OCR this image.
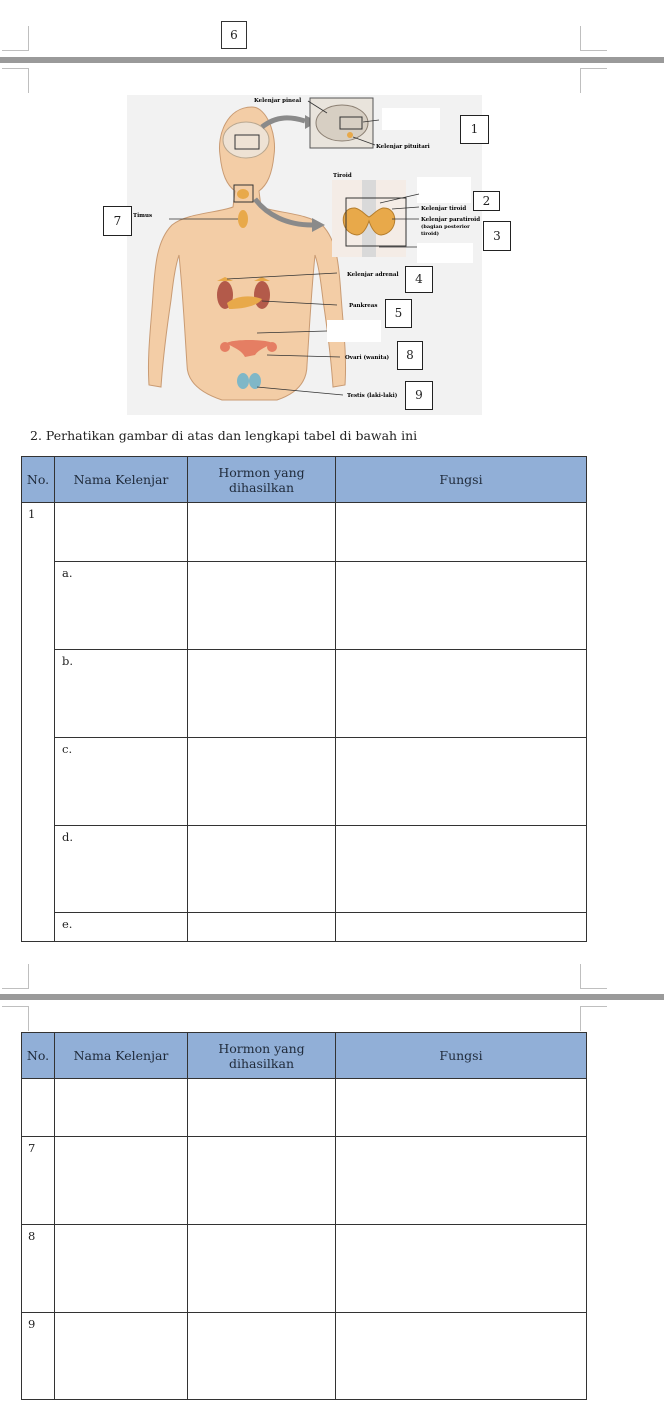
6
Kelenjar pineal
Kelenjar pituitari
Timus
Tiroid
Kelenjar tiroid
Kelenjar paratiroid
(bagian posterior
tiroid)
Kelenjar adrenal
Pankreas
Ovari (wanita)
Testis (laki-laki)
1
2
3
7
4
5
8
9
2. Perhatikan gambar di atas dan lengkapi tabel di bawah ini
No.	Nama Kelenjar	Hormon yang
dihasilkan	Fungsi
1			
	a.		
	b.		
	c.		
	d.		
	e.		
No.	Nama Kelenjar	Hormon yang
dihasilkan	Fungsi

7			
8			
9			
